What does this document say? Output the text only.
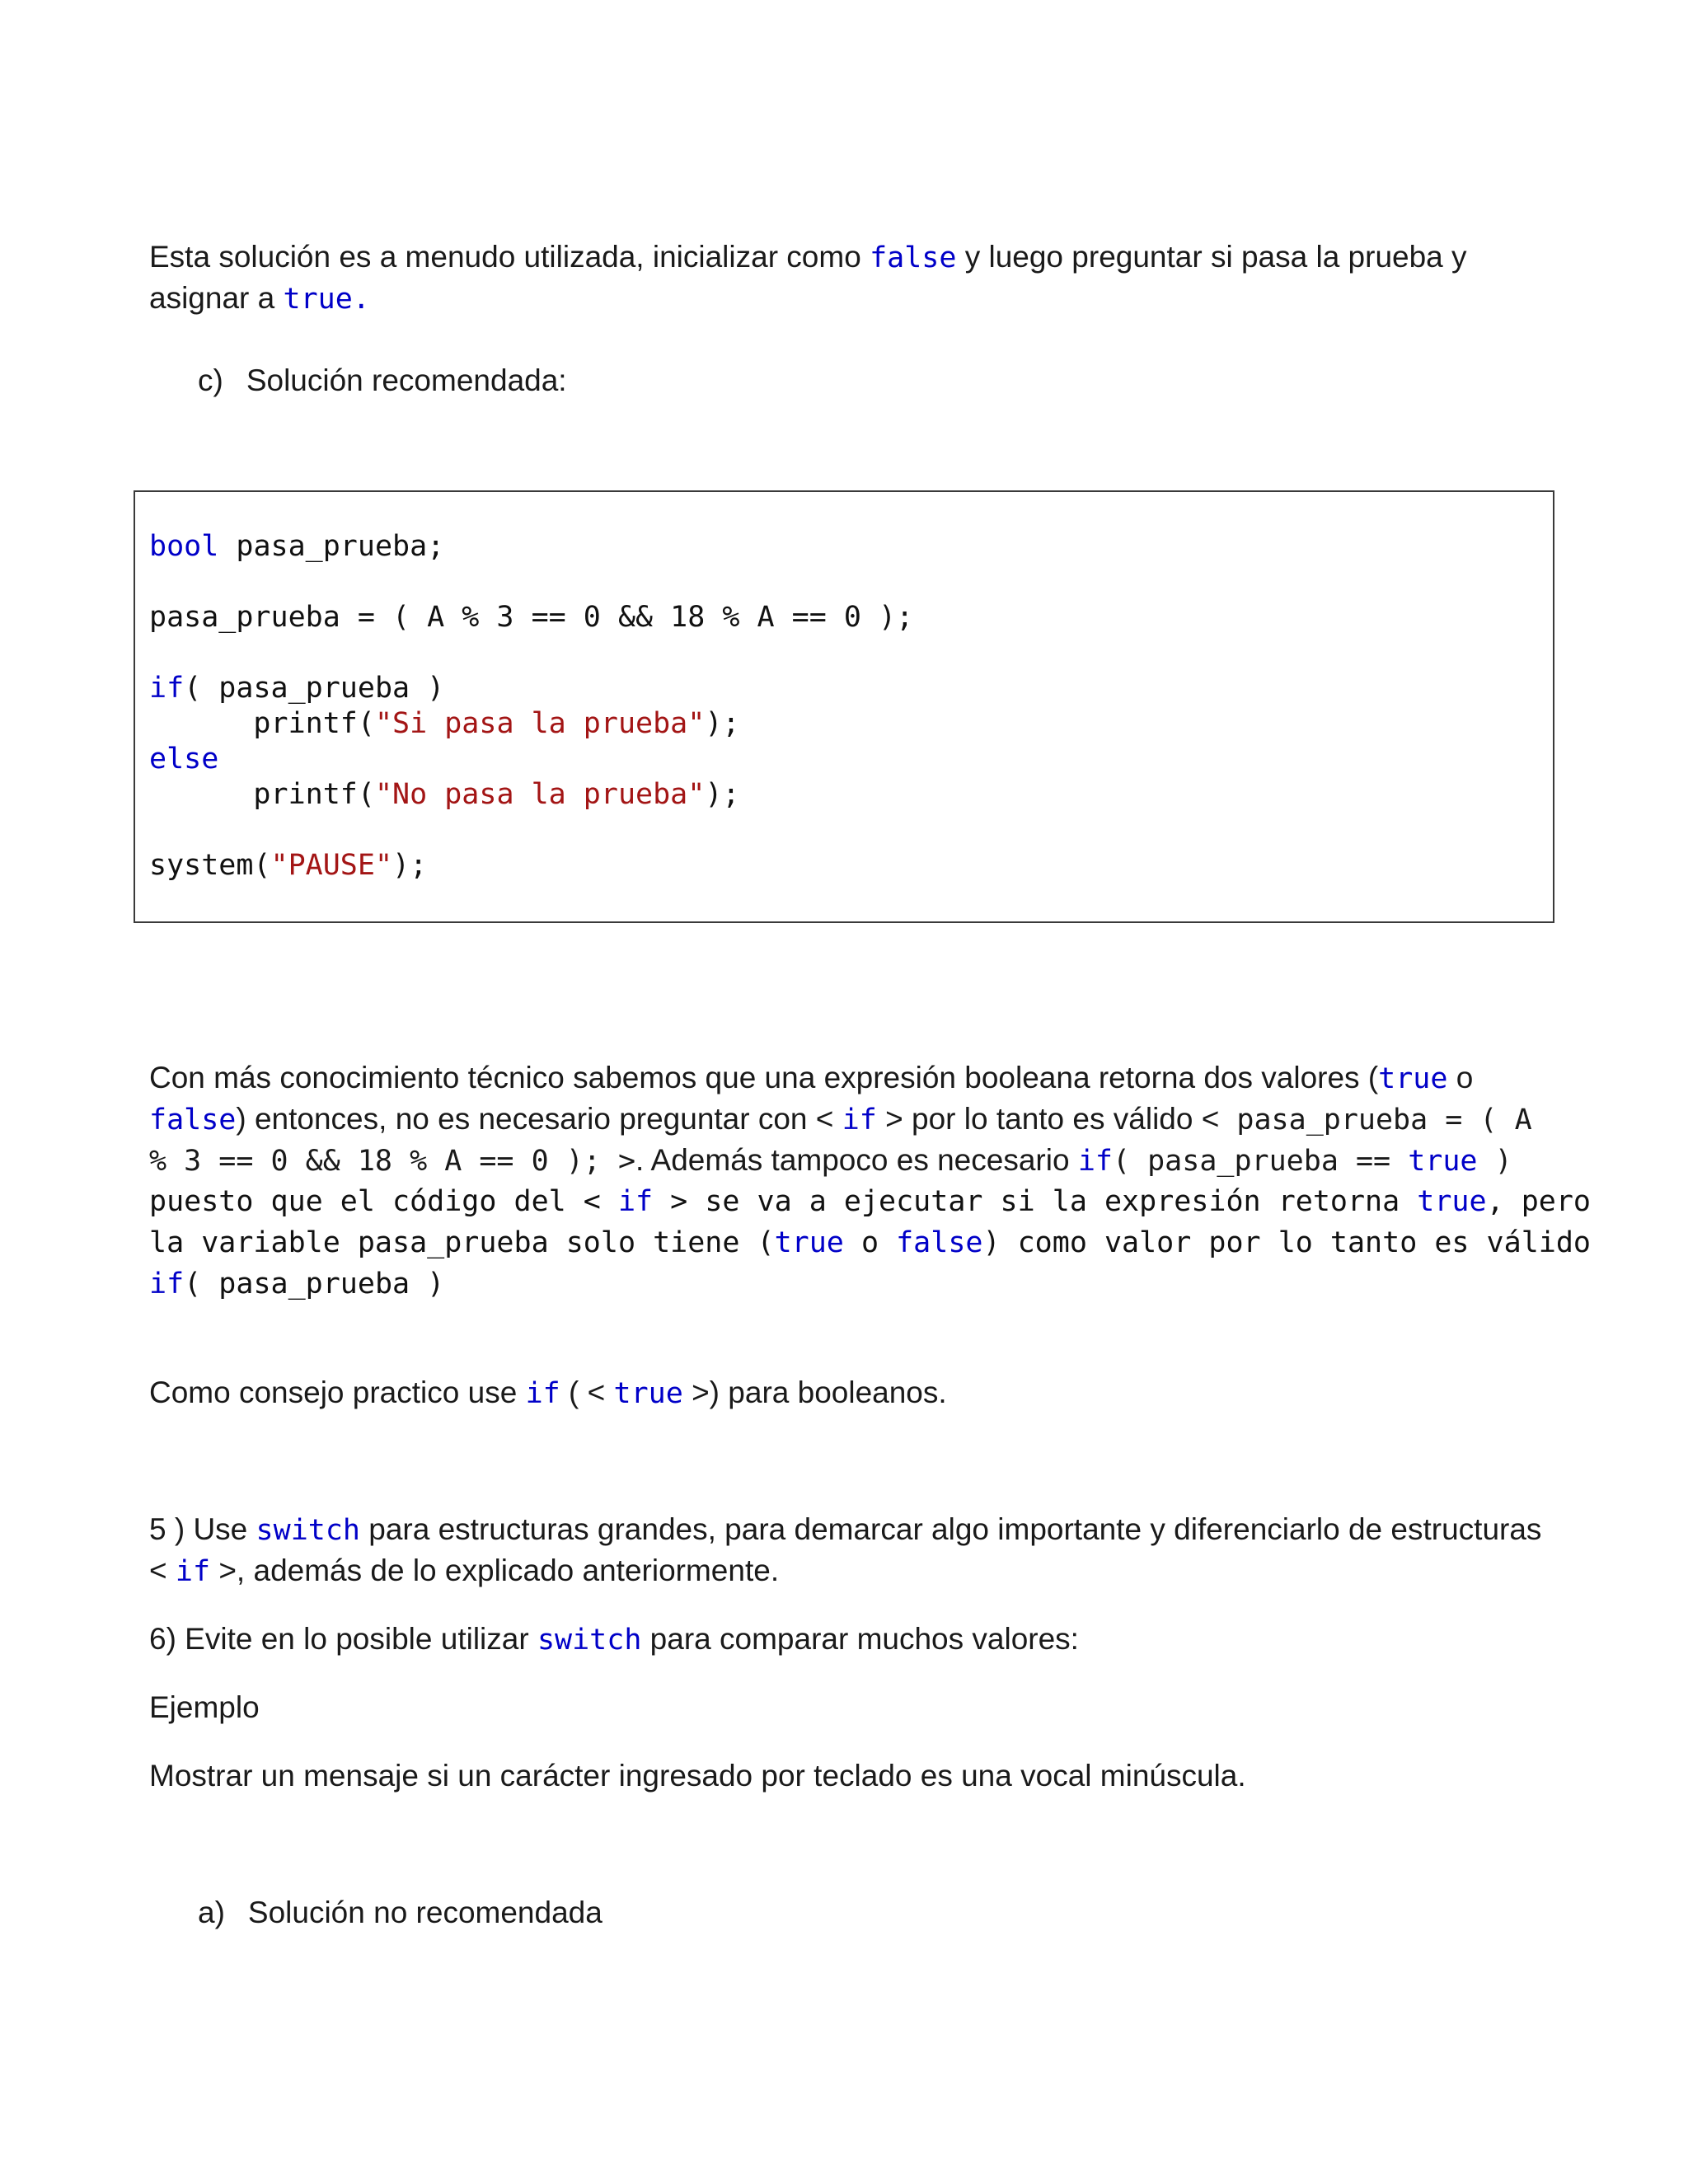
Esta solución es a menudo utilizada, inicializar como false y luego preguntar si pasa la prueba y
asignar a true.
c) Solución recomendada:
bool pasa_prueba;
pasa_prueba = ( A % 3 == 0 && 18 % A == 0 );
if( pasa_prueba )
printf("Si pasa la prueba");
else
printf("No pasa la prueba");
system("PAUSE");
Con más conocimiento técnico sabemos que una expresión booleana retorna dos valores (true o
false) entonces, no es necesario preguntar con < if > por lo tanto es válido < pasa_prueba = ( A
% 3 == 0 && 18 % A == 0 ); >. Además tampoco es necesario if( pasa_prueba == true )
puesto que el código del < if > se va a ejecutar si la expresión retorna true, pero
la variable pasa_prueba solo tiene (true o false) como valor por lo tanto es válido
if( pasa_prueba )
Como consejo practico use if ( < true >) para booleanos.
5 ) Use switch para estructuras grandes, para demarcar algo importante y diferenciarlo de estructuras
< if >, además de lo explicado anteriormente.
6) Evite en lo posible utilizar switch para comparar muchos valores:
Ejemplo
Mostrar un mensaje si un carácter ingresado por teclado es una vocal minúscula.
a) Solución no recomendada
